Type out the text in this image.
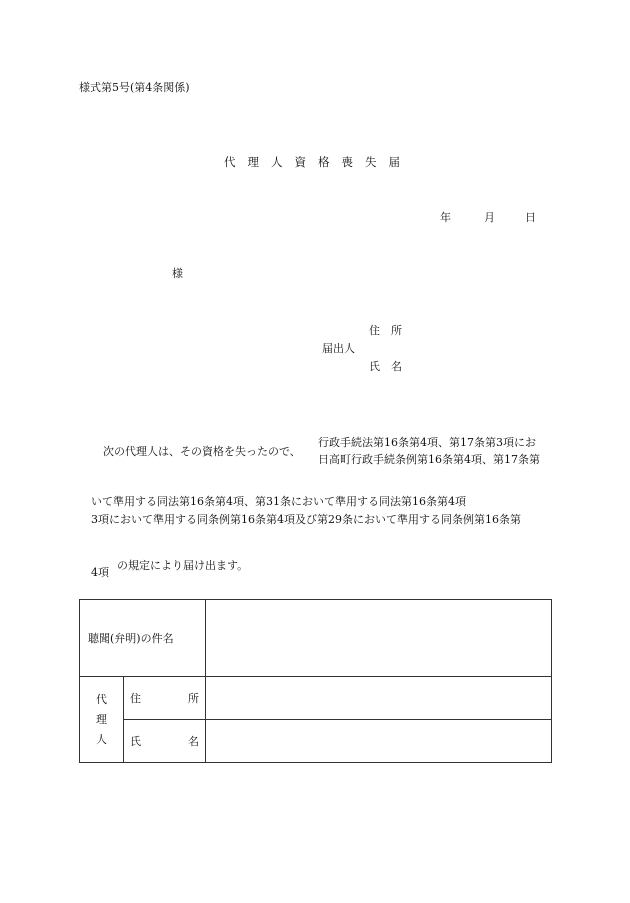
様式第5号(第4条関係)
代理人資格喪失届
年	月	日
様
住　所
届出人
氏　名
次の代理人は、その資格を失ったので、
行政手続法第16条第4項、第17条第3項にお
日高町行政手続条例第16条第4項、第17条第
いて準用する同法第16条第4項、第31条において準用する同法第16条第4項
3項において準用する同条例第16条第4項及び第29条において準用する同条例第16条第
4項
の規定により届け出ます。
聴聞(弁明)の件名		

代
理
人	住 所	

	氏 名	
